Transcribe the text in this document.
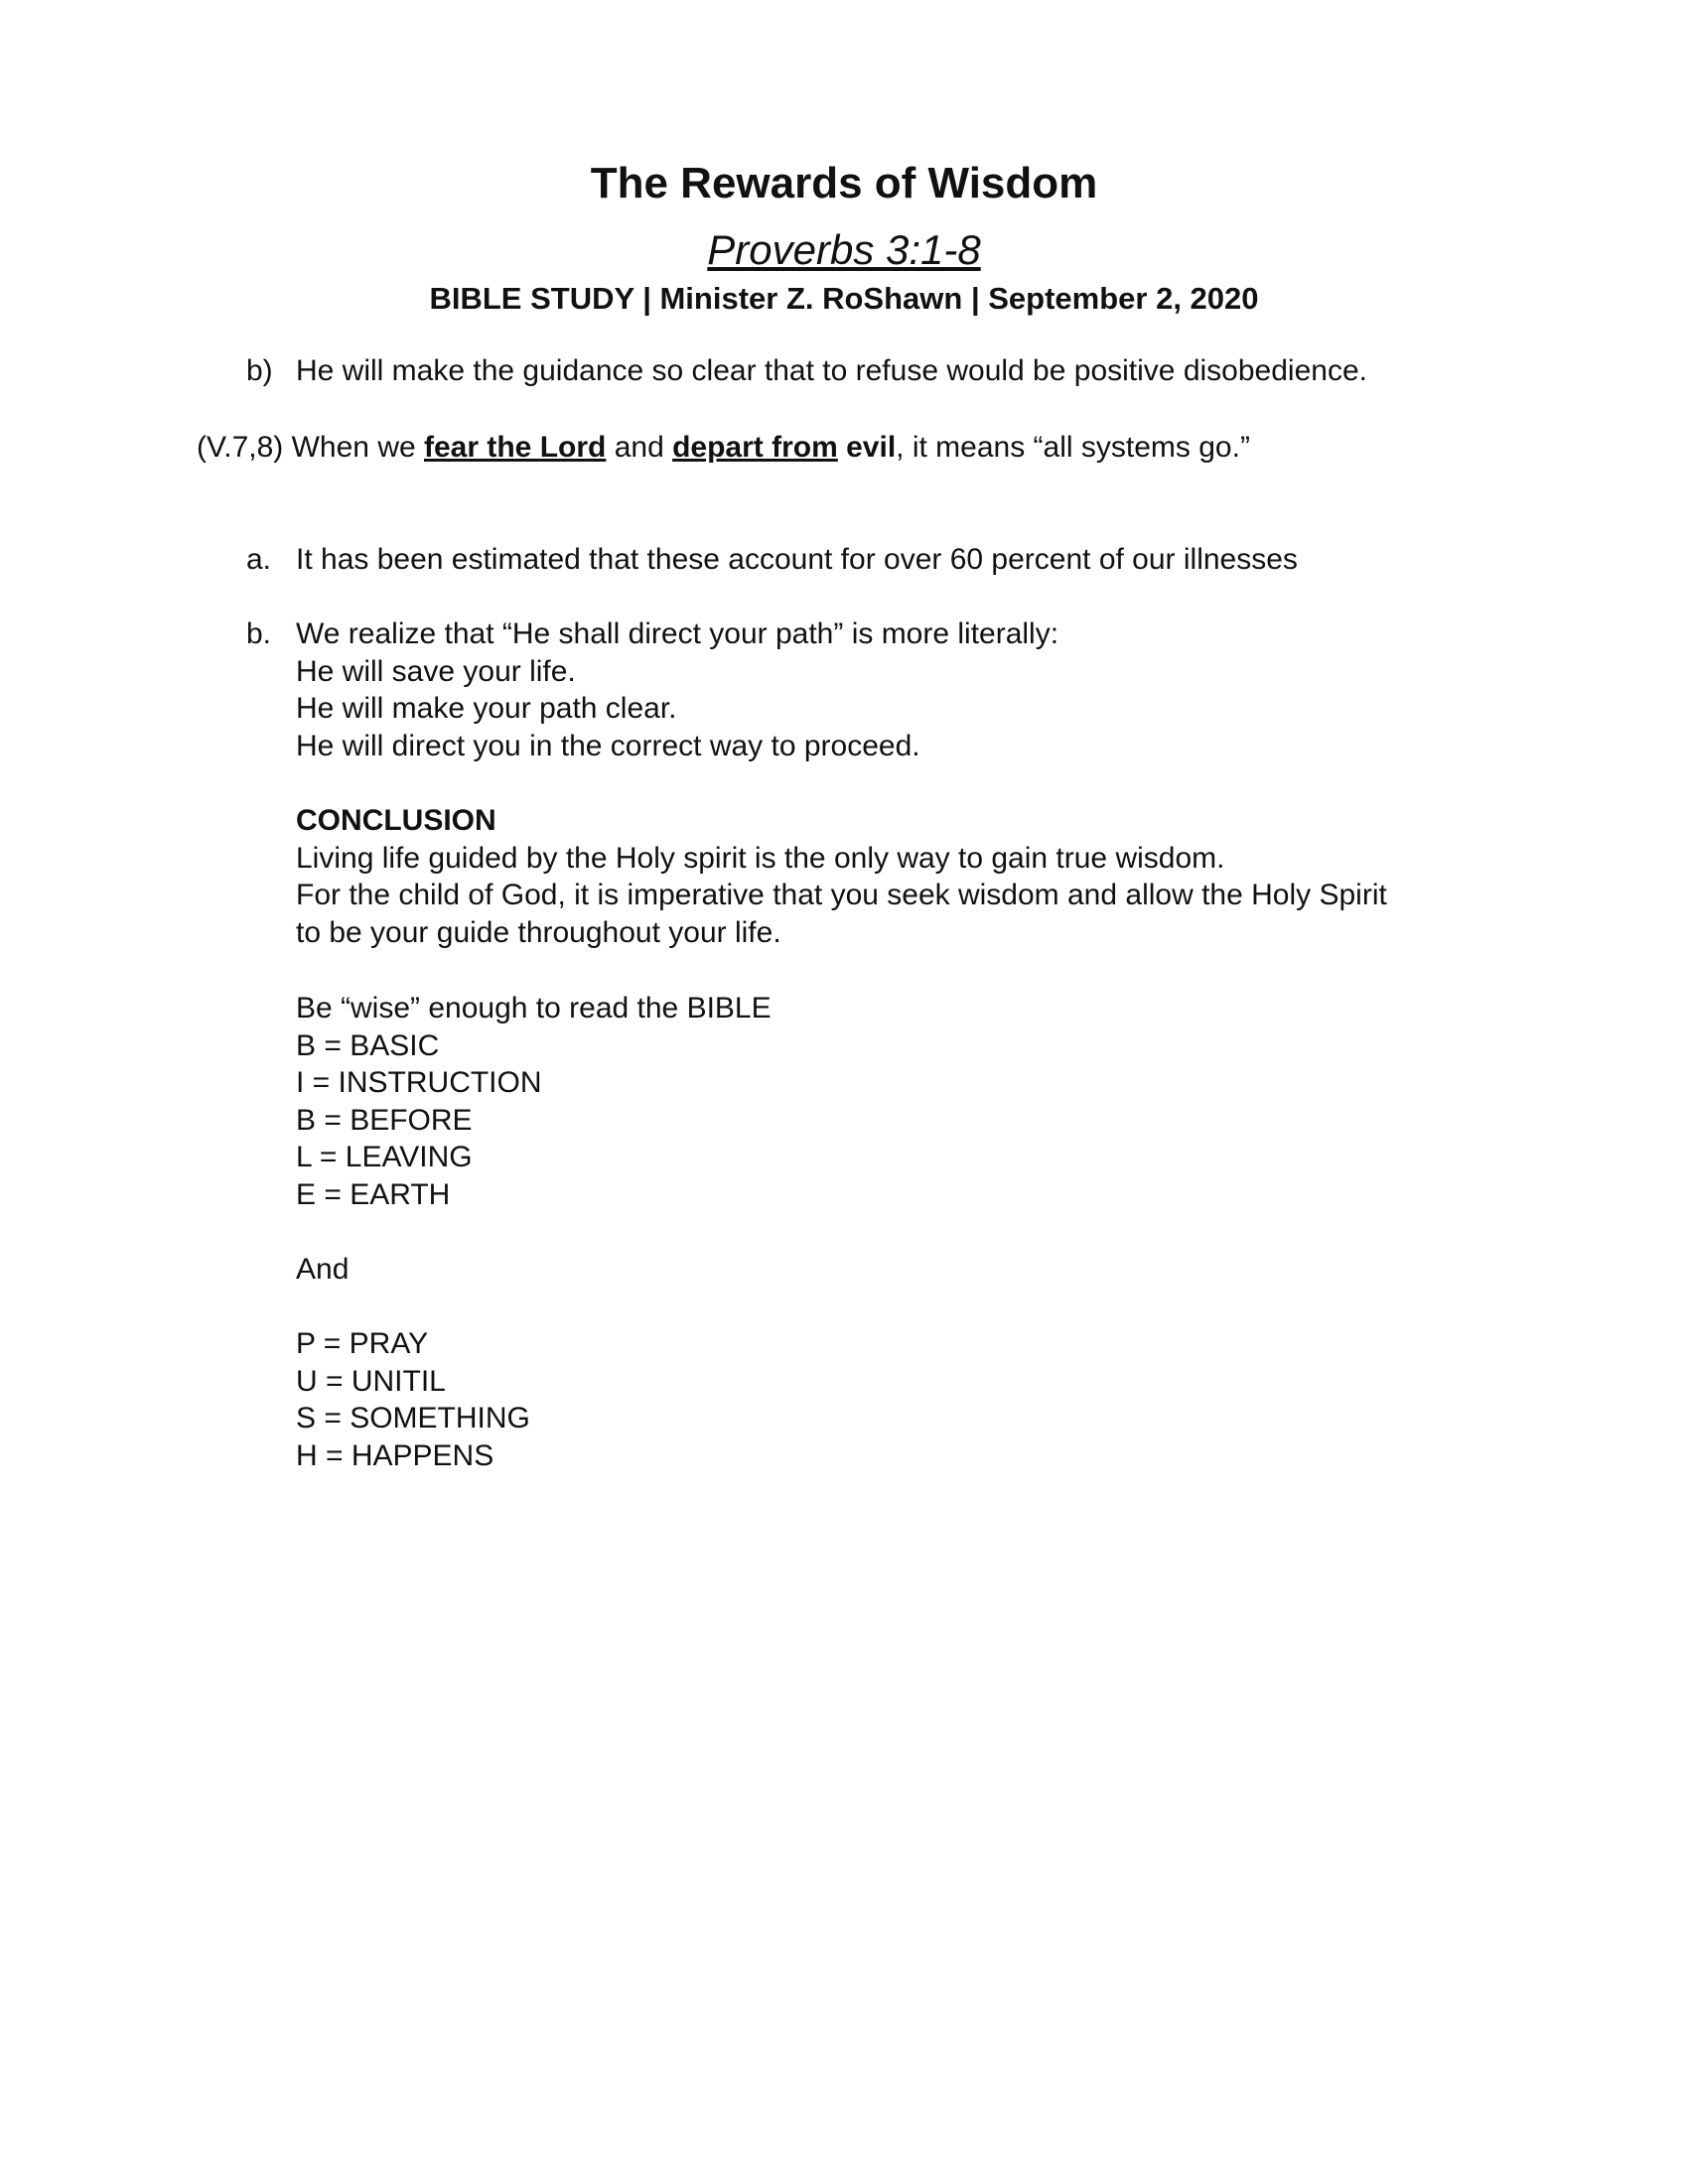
The Rewards of Wisdom
Proverbs 3:1-8
BIBLE STUDY | Minister Z. RoShawn | September 2, 2020
b) He will make the guidance so clear that to refuse would be positive disobedience.
(V.7,8) When we fear the Lord and depart from evil, it means “all systems go.”
a. It has been estimated that these account for over 60 percent of our illnesses
b. We realize that “He shall direct your path” is more literally:
He will save your life.
He will make your path clear.
He will direct you in the correct way to proceed.
CONCLUSION
Living life guided by the Holy spirit is the only way to gain true wisdom.
For the child of God, it is imperative that you seek wisdom and allow the Holy Spirit
to be your guide throughout your life.
Be “wise” enough to read the BIBLE
B = BASIC
I = INSTRUCTION
B = BEFORE
L = LEAVING
E = EARTH
And
P = PRAY
U = UNITIL
S = SOMETHING
H = HAPPENS
